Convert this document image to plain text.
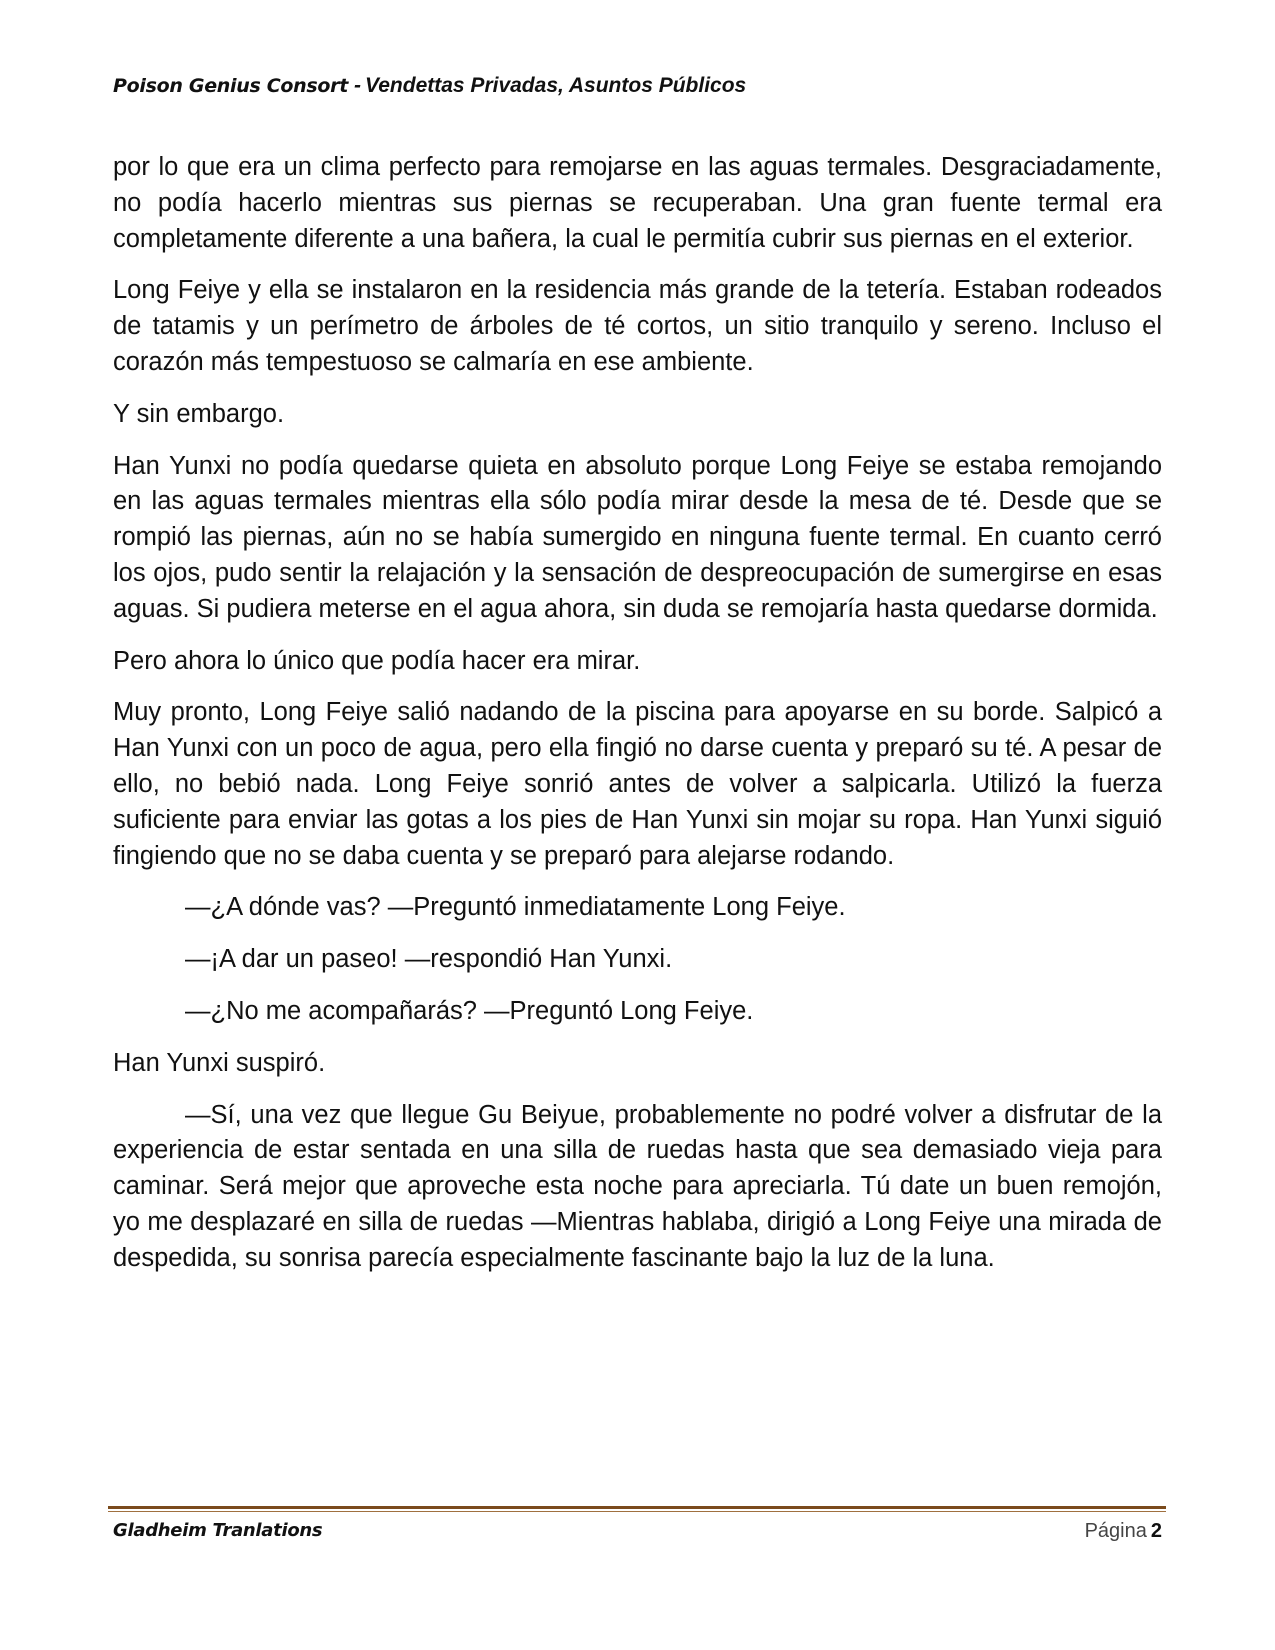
Poison Genius Consort - Vendettas Privadas, Asuntos Públicos

por lo que era un clima perfecto para remojarse en las aguas termales. Desgraciadamente, no podía hacerlo mientras sus piernas se recuperaban. Una gran fuente termal era completamente diferente a una bañera, la cual le permitía cubrir sus piernas en el exterior.

Long Feiye y ella se instalaron en la residencia más grande de la tetería. Estaban rodeados de tatamis y un perímetro de árboles de té cortos, un sitio tranquilo y sereno. Incluso el corazón más tempestuoso se calmaría en ese ambiente.

Y sin embargo.

Han Yunxi no podía quedarse quieta en absoluto porque Long Feiye se estaba remojando en las aguas termales mientras ella sólo podía mirar desde la mesa de té. Desde que se rompió las piernas, aún no se había sumergido en ninguna fuente termal. En cuanto cerró los ojos, pudo sentir la relajación y la sensación de despreocupación de sumergirse en esas aguas. Si pudiera meterse en el agua ahora, sin duda se remojaría hasta quedarse dormida.

Pero ahora lo único que podía hacer era mirar.

Muy pronto, Long Feiye salió nadando de la piscina para apoyarse en su borde. Salpicó a Han Yunxi con un poco de agua, pero ella fingió no darse cuenta y preparó su té. A pesar de ello, no bebió nada. Long Feiye sonrió antes de volver a salpicarla. Utilizó la fuerza suficiente para enviar las gotas a los pies de Han Yunxi sin mojar su ropa. Han Yunxi siguió fingiendo que no se daba cuenta y se preparó para alejarse rodando.

—¿A dónde vas? —Preguntó inmediatamente Long Feiye.

—¡A dar un paseo! —respondió Han Yunxi.

—¿No me acompañarás? —Preguntó Long Feiye.

Han Yunxi suspiró.

—Sí, una vez que llegue Gu Beiyue, probablemente no podré volver a disfrutar de la experiencia de estar sentada en una silla de ruedas hasta que sea demasiado vieja para caminar. Será mejor que aproveche esta noche para apreciarla. Tú date un buen remojón, yo me desplazaré en silla de ruedas —Mientras hablaba, dirigió a Long Feiye una mirada de despedida, su sonrisa parecía especialmente fascinante bajo la luz de la luna.

Gladheim Tranlations	Página 2
